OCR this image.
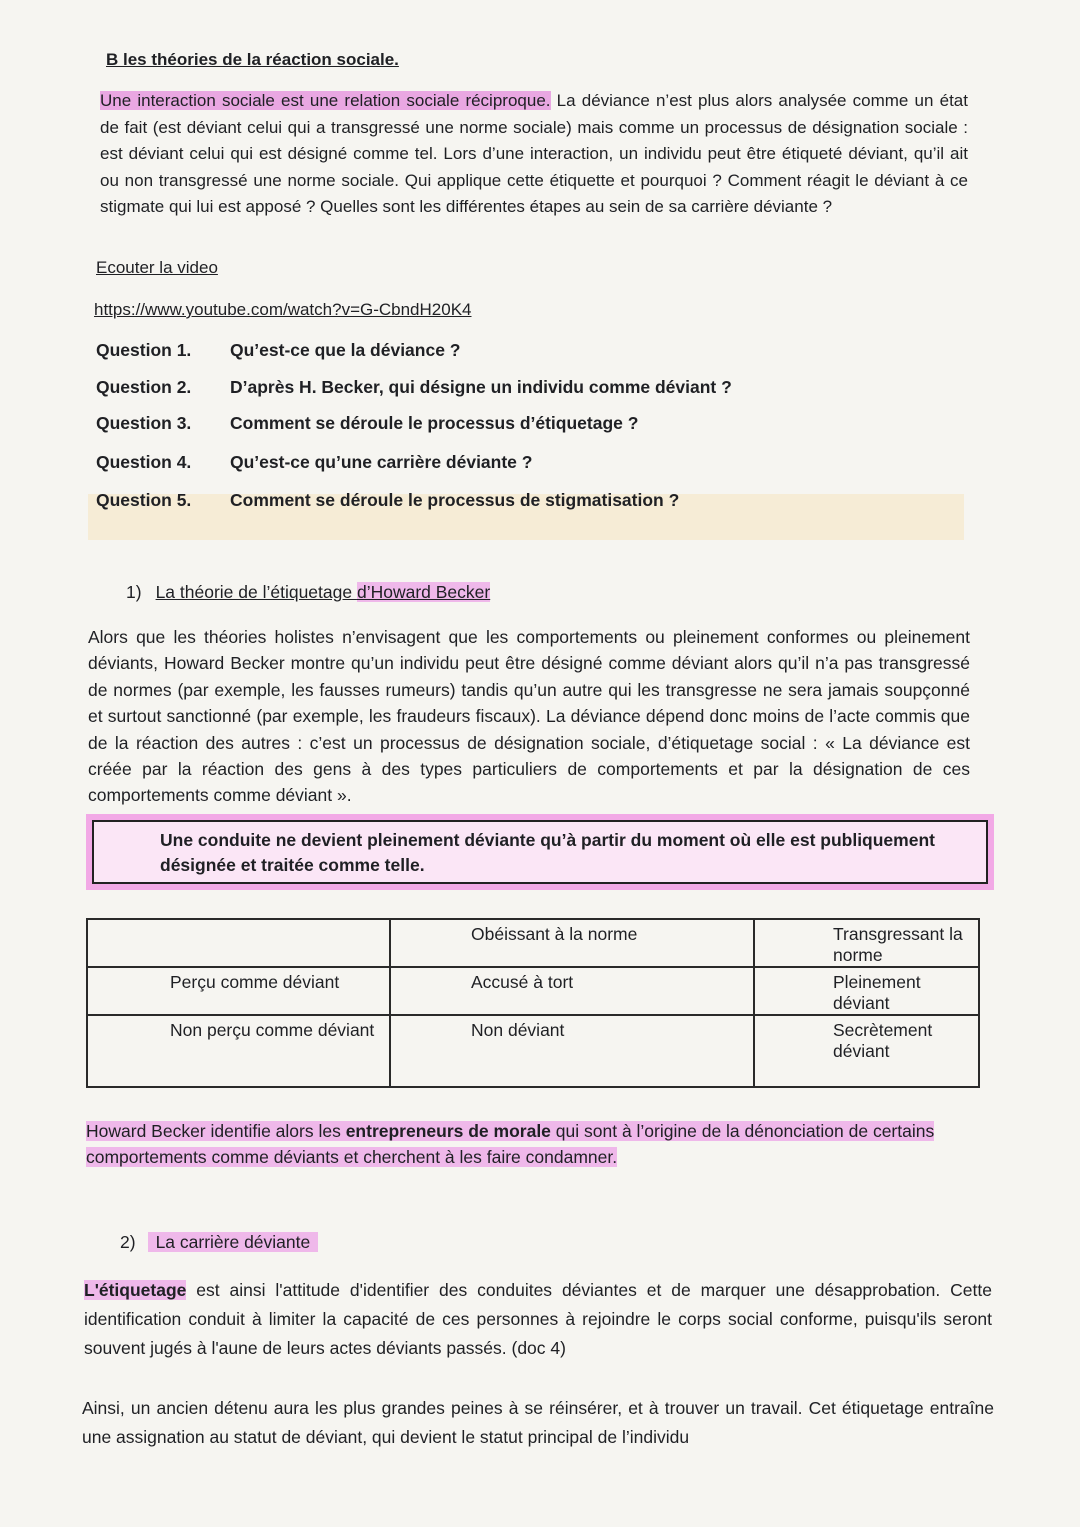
B les théories de la réaction sociale.
Une interaction sociale est une relation sociale réciproque. La déviance n’est plus alors analysée comme un état de fait (est déviant celui qui a transgressé une norme sociale) mais comme un processus de désignation sociale : est déviant celui qui est désigné comme tel. Lors d’une interaction, un individu peut être étiqueté déviant, qu’il ait ou non transgressé une norme sociale. Qui applique cette étiquette et pourquoi ? Comment réagit le déviant à ce stigmate qui lui est apposé ? Quelles sont les différentes étapes au sein de sa carrière déviante ?
Ecouter la video
https://www.youtube.com/watch?v=G-CbndH20K4
Question 1. Qu’est-ce que la déviance ?
Question 2. D’après H. Becker, qui désigne un individu comme déviant ?
Question 3. Comment se déroule le processus d’étiquetage ?
Question 4. Qu’est-ce qu’une carrière déviante ?
Question 5. Comment se déroule le processus de stigmatisation ?
1) La théorie de l’étiquetage d’Howard Becker
Alors que les théories holistes n’envisagent que les comportements ou pleinement conformes ou pleinement déviants, Howard Becker montre qu’un individu peut être désigné comme déviant alors qu’il n’a pas transgressé de normes (par exemple, les fausses rumeurs) tandis qu’un autre qui les transgresse ne sera jamais soupçonné et surtout sanctionné (par exemple, les fraudeurs fiscaux). La déviance dépend donc moins de l’acte commis que de la réaction des autres : c’est un processus de désignation sociale, d’étiquetage social : « La déviance est créée par la réaction des gens à des types particuliers de comportements et par la désignation de ces comportements comme déviant ».

Une conduite ne devient pleinement déviante qu’à partir du moment où elle est publiquement désignée et traitée comme telle.

	Obéissant à la norme	Transgressant la norme
Perçu comme déviant	Accusé à tort	Pleinement déviant
Non perçu comme déviant	Non déviant	Secrètement déviant
Howard Becker identifie alors les entrepreneurs de morale qui sont à l’origine de la dénonciation de certains comportements comme déviants et cherchent à les faire condamner.
2) La carrière déviante
L'étiquetage est ainsi l'attitude d'identifier des conduites déviantes et de marquer une désapprobation. Cette identification conduit à limiter la capacité de ces personnes à rejoindre le corps social conforme, puisqu'ils seront souvent jugés à l'aune de leurs actes déviants passés. (doc 4)
Ainsi, un ancien détenu aura les plus grandes peines à se réinsérer, et à trouver un travail. Cet étiquetage entraîne une assignation au statut de déviant, qui devient le statut principal de l’individu
